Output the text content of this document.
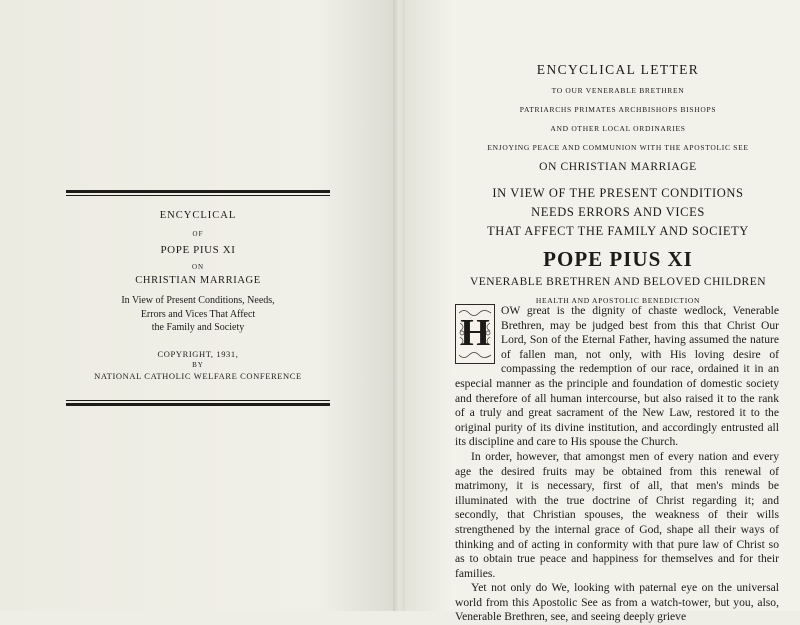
ENCYCLICAL
OF
POPE PIUS XI
ON
CHRISTIAN MARRIAGE
In View of Present Conditions, Needs,
Errors and Vices That Affect
the Family and Society
COPYRIGHT, 1931,
BY
NATIONAL CATHOLIC WELFARE CONFERENCE
ENCYCLICAL LETTER
TO OUR VENERABLE BRETHREN
PATRIARCHS PRIMATES ARCHBISHOPS BISHOPS
AND OTHER LOCAL ORDINARIES
ENJOYING PEACE AND COMMUNION WITH THE APOSTOLIC SEE
ON CHRISTIAN MARRIAGE
IN VIEW OF THE PRESENT CONDITIONS
NEEDS ERRORS AND VICES
THAT AFFECT THE FAMILY AND SOCIETY
POPE PIUS XI
VENERABLE BRETHREN AND BELOVED CHILDREN
HEALTH AND APOSTOLIC BENEDICTION
H

OW great is the dignity of chaste wedlock, Venerable Brethren, may be judged best from this that Christ Our Lord, Son of the Eternal Father, having assumed the nature of fallen man, not only, with His loving desire of compassing the redemption of our race, ordained it in an especial manner as the principle and foundation of domestic society and therefore of all human intercourse, but also raised it to the rank of a truly and great sacrament of the New Law, restored it to the original purity of its divine institution, and accordingly entrusted all its discipline and care to His spouse the Church.

In order, however, that amongst men of every nation and every age the desired fruits may be obtained from this renewal of matrimony, it is necessary, first of all, that men's minds be illuminated with the true doctrine of Christ regarding it; and secondly, that Christian spouses, the weakness of their wills strengthened by the internal grace of God, shape all their ways of thinking and of acting in conformity with that pure law of Christ so as to obtain true peace and happiness for themselves and for their families.

Yet not only do We, looking with paternal eye on the universal world from this Apostolic See as from a watch-tower, but you, also, Venerable Brethren, see, and seeing deeply grieve
